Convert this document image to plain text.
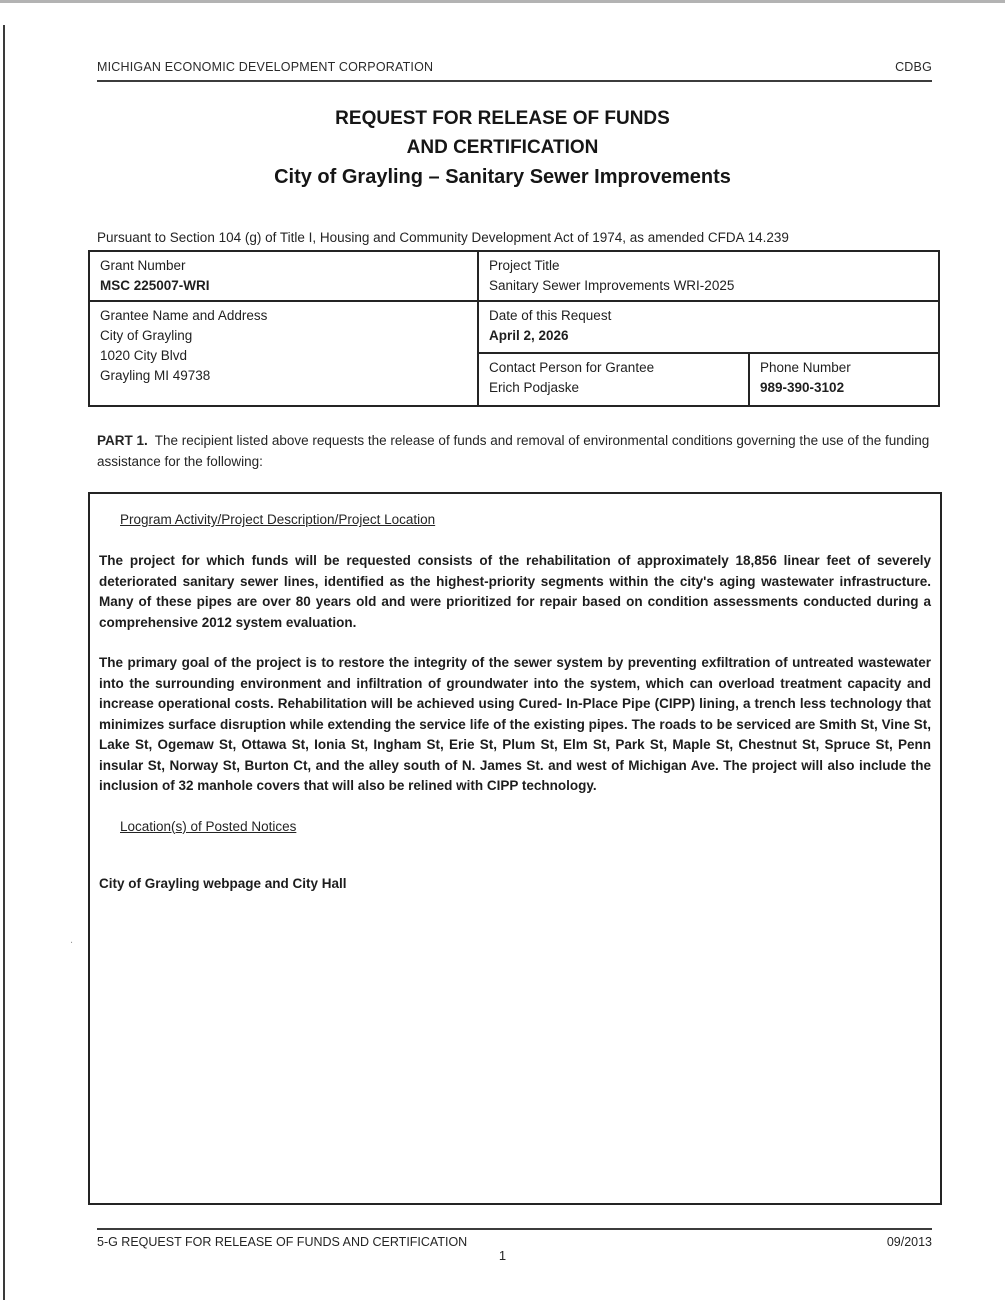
.
MICHIGAN ECONOMIC DEVELOPMENT CORPORATION	CDBG
REQUEST FOR RELEASE OF FUNDS
AND CERTIFICATION
City of Grayling – Sanitary Sewer Improvements
Pursuant to Section 104 (g) of Title I, Housing and Community Development Act of 1974, as amended CFDA 14.239
Grant Number
MSC 225007-WRI
Grantee Name and Address
City of Grayling
1020 City Blvd
Grayling MI 49738
Project Title
Sanitary Sewer Improvements WRI-2025
Date of this Request
April 2, 2026
Contact Person for Grantee
Erich Podjaske
Phone Number
989-390-3102
PART 1. The recipient listed above requests the release of funds and removal of environmental conditions governing the use of the funding assistance for the following:
Program Activity/Project Description/Project Location
The project for which funds will be requested consists of the rehabilitation of approximately 18,856 linear feet of severely deteriorated sanitary sewer lines, identified as the highest-priority segments within the city's aging wastewater infrastructure. Many of these pipes are over 80 years old and were prioritized for repair based on condition assessments conducted during a comprehensive 2012 system evaluation.
The primary goal of the project is to restore the integrity of the sewer system by preventing exfiltration of untreated wastewater into the surrounding environment and infiltration of groundwater into the system, which can overload treatment capacity and increase operational costs. Rehabilitation will be achieved using Cured- In-Place Pipe (CIPP) lining, a trench less technology that minimizes surface disruption while extending the service life of the existing pipes. The roads to be serviced are Smith St, Vine St, Lake St, Ogemaw St, Ottawa St, Ionia St, Ingham St, Erie St, Plum St, Elm St, Park St, Maple St, Chestnut St, Spruce St, Penn insular St, Norway St, Burton Ct, and the alley south of N. James St. and west of Michigan Ave. The project will also include the inclusion of 32 manhole covers that will also be relined with CIPP technology.
Location(s) of Posted Notices
City of Grayling webpage and City Hall
5-G REQUEST FOR RELEASE OF FUNDS AND CERTIFICATION	09/2013
1
